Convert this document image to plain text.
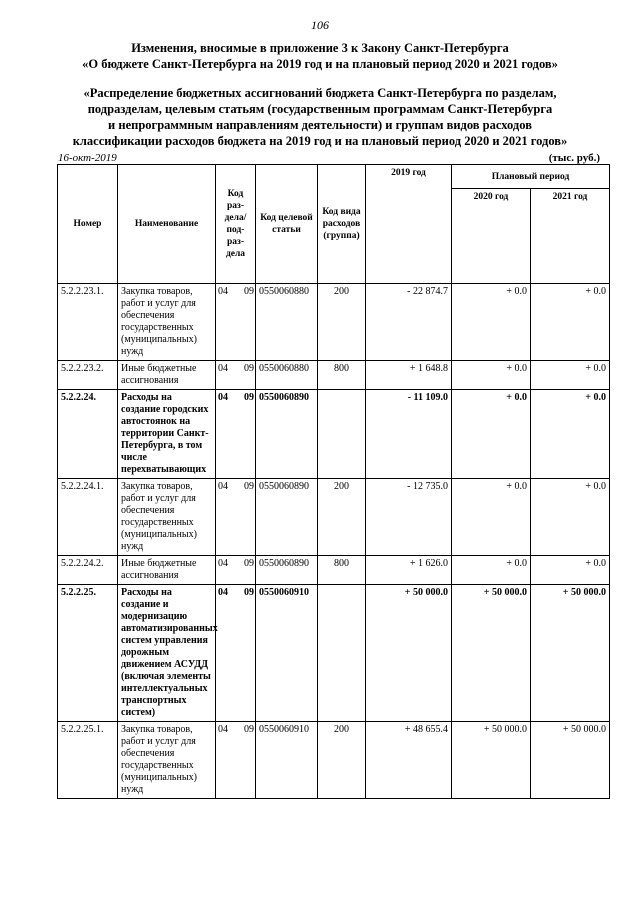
106
Изменения, вносимые в приложение 3 к Закону Санкт-Петербурга
«О бюджете Санкт-Петербурга на 2019 год и на плановый период 2020 и 2021 годов»
«Распределение бюджетных ассигнований бюджета Санкт-Петербурга по разделам,
подразделам, целевым статьям (государственным программам Санкт-Петербурга
и непрограммным направлениям деятельности) и группам видов расходов
классификации расходов бюджета на 2019 год и на плановый период 2020 и 2021 годов»
16-окт-2019	(тыс. руб.)
Номер	Наименование	Код раз-дела/ под-раз-дела	Код целевой статьи	Код вида расходов (группа)	2019 год	Плановый период	
						2020 год	2021 год
5.2.2.23.1.	Закупка товаров, работ и услуг для обеспечения государственных (муниципальных) нужд	04 09	0550060880	200	- 22 874.7	+ 0.0	+ 0.0
5.2.2.23.2.	Иные бюджетные ассигнования	04 09	0550060880	800	+ 1 648.8	+ 0.0	+ 0.0
5.2.2.24.	Расходы на создание городских автостоянок на территории Санкт-Петербурга, в том числе перехватывающих	04 09	0550060890		- 11 109.0	+ 0.0	+ 0.0
5.2.2.24.1.	Закупка товаров, работ и услуг для обеспечения государственных (муниципальных) нужд	04 09	0550060890	200	- 12 735.0	+ 0.0	+ 0.0
5.2.2.24.2.	Иные бюджетные ассигнования	04 09	0550060890	800	+ 1 626.0	+ 0.0	+ 0.0
5.2.2.25.	Расходы на создание и модернизацию автоматизированных систем управления дорожным движением АСУДД (включая элементы интеллектуальных транспортных систем)	04 09	0550060910		+ 50 000.0	+ 50 000.0	+ 50 000.0
5.2.2.25.1.	Закупка товаров, работ и услуг для обеспечения государственных (муниципальных) нужд	04 09	0550060910	200	+ 48 655.4	+ 50 000.0	+ 50 000.0
